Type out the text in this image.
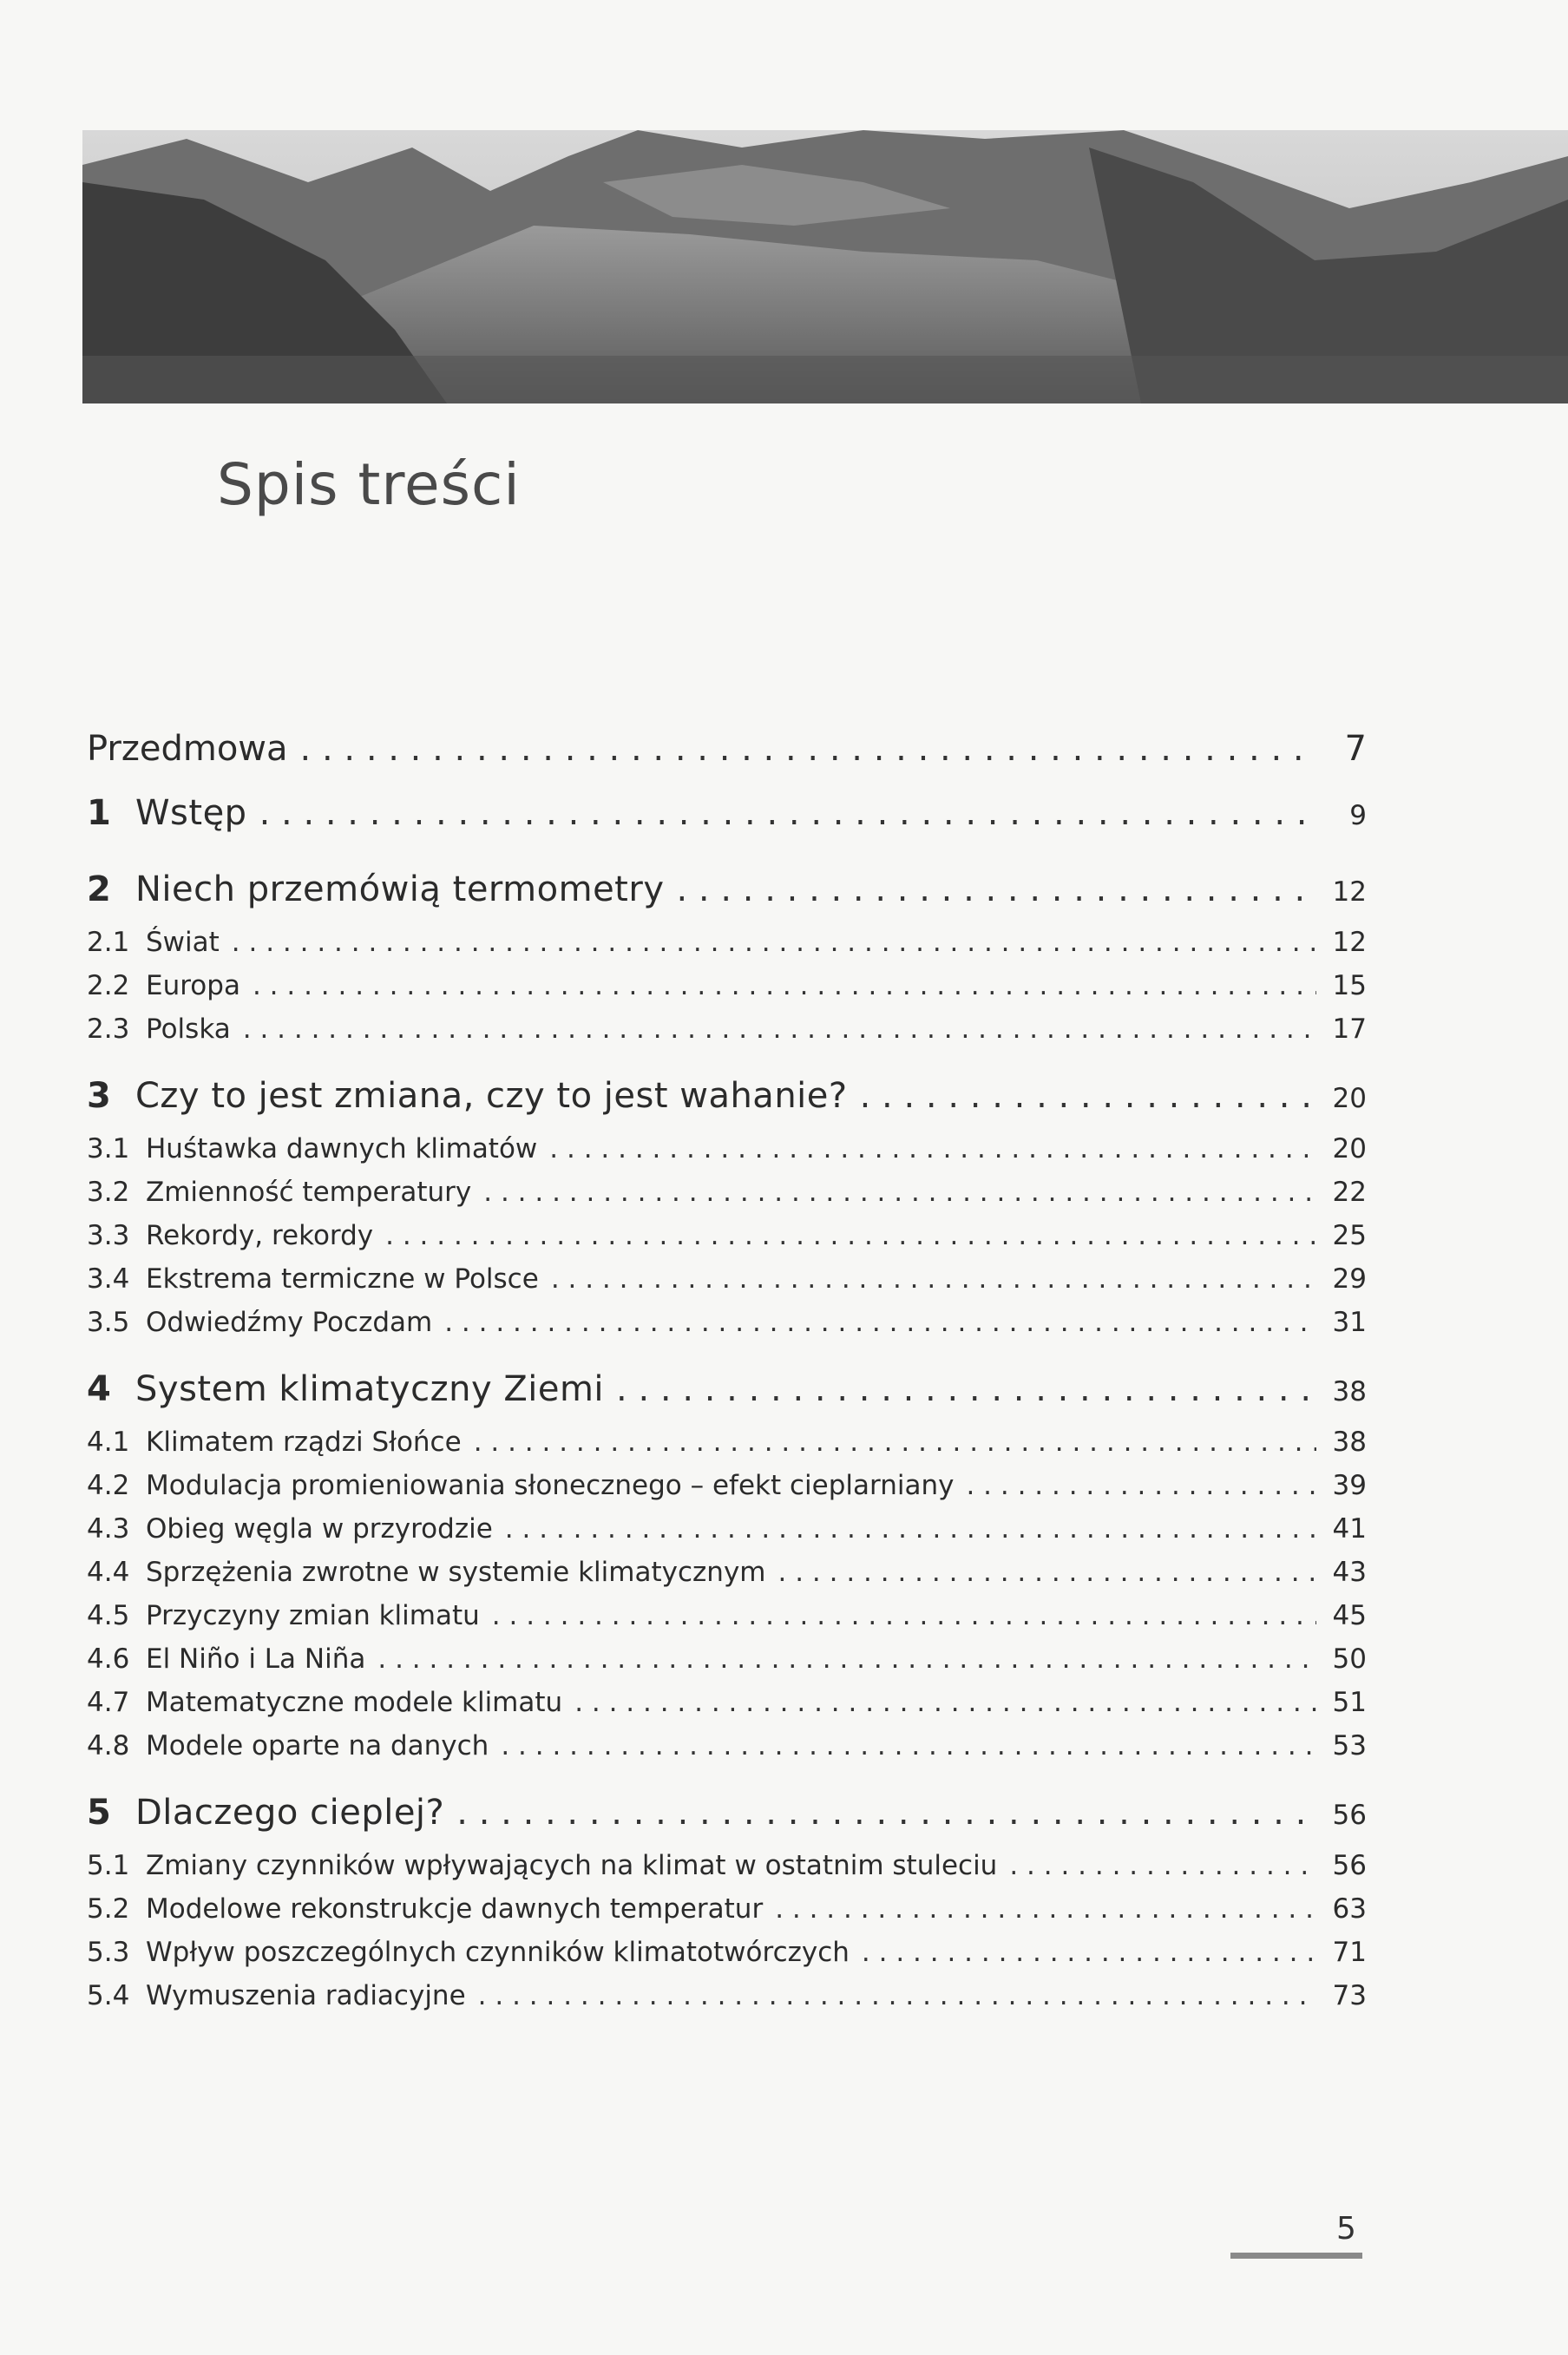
Spis treści
Przedmowa . . .	7
1 Wstęp . . .	9
2 Niech przemówią termometry . . .	12
2.1 Świat . . .	12
2.2 Europa . . .	15
2.3 Polska . . .	17
3 Czy to jest zmiana, czy to jest wahanie? . . .	20
3.1 Huśtawka dawnych klimatów . . .	20
3.2 Zmienność temperatury . . .	22
3.3 Rekordy, rekordy . . .	25
3.4 Ekstrema termiczne w Polsce . . .	29
3.5 Odwiedźmy Poczdam . . .	31
4 System klimatyczny Ziemi . . .	38
4.1 Klimatem rządzi Słońce . . .	38
4.2 Modulacja promieniowania słonecznego – efekt cieplarniany . . .	39
4.3 Obieg węgla w przyrodzie . . .	41
4.4 Sprzężenia zwrotne w systemie klimatycznym . . .	43
4.5 Przyczyny zmian klimatu . . .	45
4.6 El Niño i La Niña . . .	50
4.7 Matematyczne modele klimatu . . .	51
4.8 Modele oparte na danych . . .	53
5 Dlaczego cieplej? . . .	56
5.1 Zmiany czynników wpływających na klimat w ostatnim stuleciu . . .	56
5.2 Modelowe rekonstrukcje dawnych temperatur . . .	63
5.3 Wpływ poszczególnych czynników klimatotwórczych . . .	71
5.4 Wymuszenia radiacyjne . . .	73
5
